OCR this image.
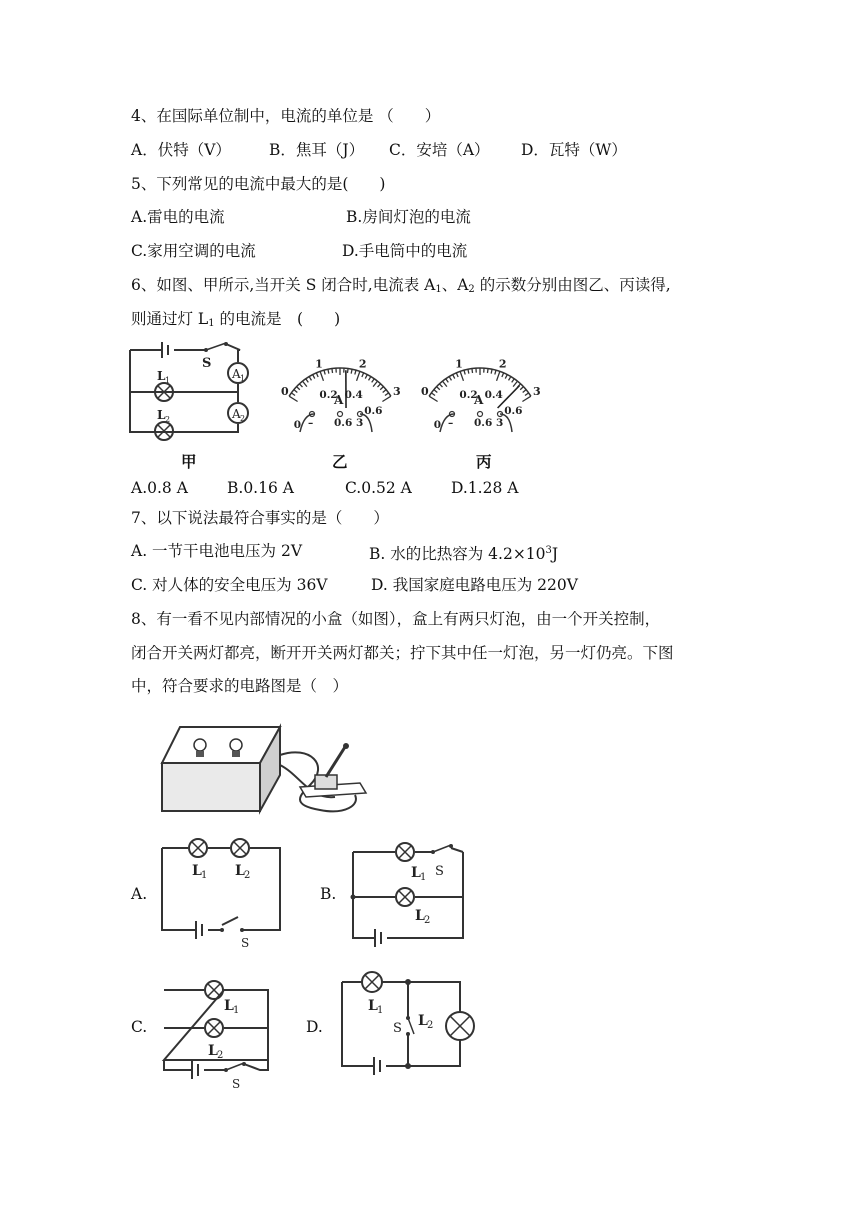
4、在国际单位制中，电流的单位是 （　　）
A．伏特（V） B．焦耳（J） C．安培（A） D．瓦特（W）
5、下列常见的电流中最大的是(　　)
A.雷电的电流	B.房间灯泡的电流
C.家用空调的电流	D.手电筒中的电流
6、如图、甲所示,当开关 S 闭合时,电流表 $A_1$、$A_2$ 的示数分别由图乙、丙读得,
则通过灯 $L_1$ 的电流是　(　　)
A 1
A 2
S
L 1
L 2
0
1	2
3
0
0.2 0.4
0.6
A
– 0.6 3
0
1	2
3
0
0.2 0.4
0.6
A
– 0.6 3
甲	乙	丙
A.0.8 A	B.0.16 A	C.0.52 A	D.1.28 A
7、以下说法最符合事实的是（　　）
A. 一节干电池电压为 2V	B. 水的比热容为 $4.2\times 10^3J$
C. 对人体的安全电压为 36V	D. 我国家庭电路电压为 220V
8、有一看不见内部情况的小盒（如图），盒上有两只灯泡，由一个开关控制，
闭合开关两灯都亮，断开开关两灯都关；拧下其中任一灯泡，另一灯仍亮。下图
中，符合要求的电路图是（　）
A.
L 1 L 2
S
B.
L 1 S
L 2
C.
L 1
L 2
S
D.
L 1
S L 2
